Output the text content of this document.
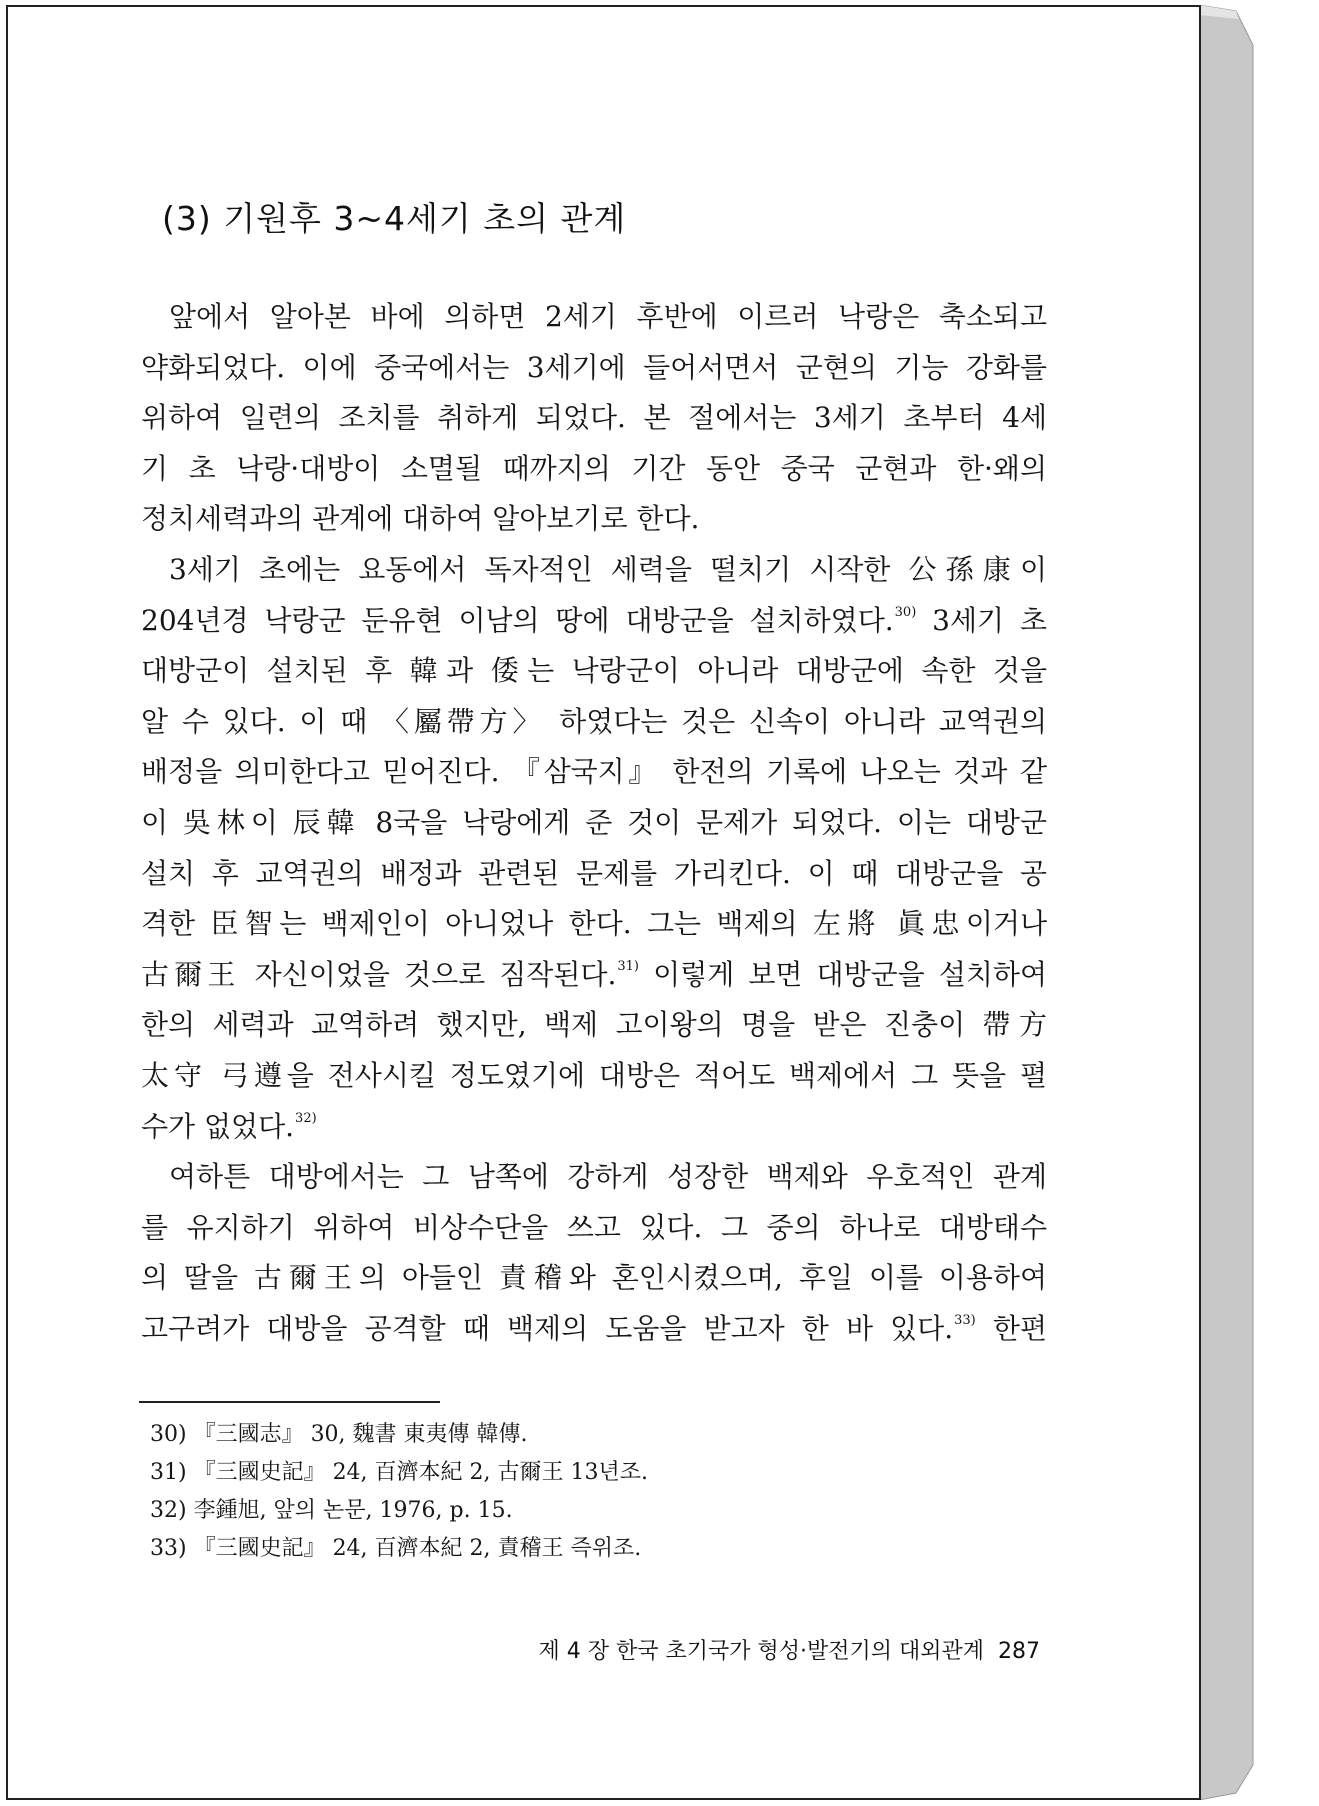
(3) 기원후 3~4세기 초의 관계
앞에서 알아본 바에 의하면 2세기 후반에 이르러 낙랑은 축소되고
약화되었다. 이에 중국에서는 3세기에 들어서면서 군현의 기능 강화를
위하여 일련의 조치를 취하게 되었다. 본 절에서는 3세기 초부터 4세
기 초 낙랑·대방이 소멸될 때까지의 기간 동안 중국 군현과 한·왜의
정치세력과의 관계에 대하여 알아보기로 한다.
3세기 초에는 요동에서 독자적인 세력을 떨치기 시작한 公孫康이
204년경 낙랑군 둔유현 이남의 땅에 대방군을 설치하였다.$^{30)}$ 3세기 초
대방군이 설치된 후 韓과 倭는 낙랑군이 아니라 대방군에 속한 것을
알 수 있다. 이 때 〈屬帶方〉 하였다는 것은 신속이 아니라 교역권의
배정을 의미한다고 믿어진다. 『삼국지』 한전의 기록에 나오는 것과 같
이 吳林이 辰韓 8국을 낙랑에게 준 것이 문제가 되었다. 이는 대방군
설치 후 교역권의 배정과 관련된 문제를 가리킨다. 이 때 대방군을 공
격한 臣智는 백제인이 아니었나 한다. 그는 백제의 左將 眞忠이거나
古爾王 자신이었을 것으로 짐작된다.$^{31)}$ 이렇게 보면 대방군을 설치하여
한의 세력과 교역하려 했지만, 백제 고이왕의 명을 받은 진충이 帶方
太守 弓遵을 전사시킬 정도였기에 대방은 적어도 백제에서 그 뜻을 펼
수가 없었다.$^{32)}$
여하튼 대방에서는 그 남쪽에 강하게 성장한 백제와 우호적인 관계
를 유지하기 위하여 비상수단을 쓰고 있다. 그 중의 하나로 대방태수
의 딸을 古爾王의 아들인 責稽와 혼인시켰으며, 후일 이를 이용하여
고구려가 대방을 공격할 때 백제의 도움을 받고자 한 바 있다.$^{33)}$ 한편
30) 『三國志』 30, 魏書 東夷傳 韓傳.
31) 『三國史記』 24, 百濟本紀 2, 古爾王 13년조.
32) 李鍾旭, 앞의 논문, 1976, p. 15.
33) 『三國史記』 24, 百濟本紀 2, 責稽王 즉위조.
제 4 장 한국 초기국가 형성·발전기의 대외관계 287
